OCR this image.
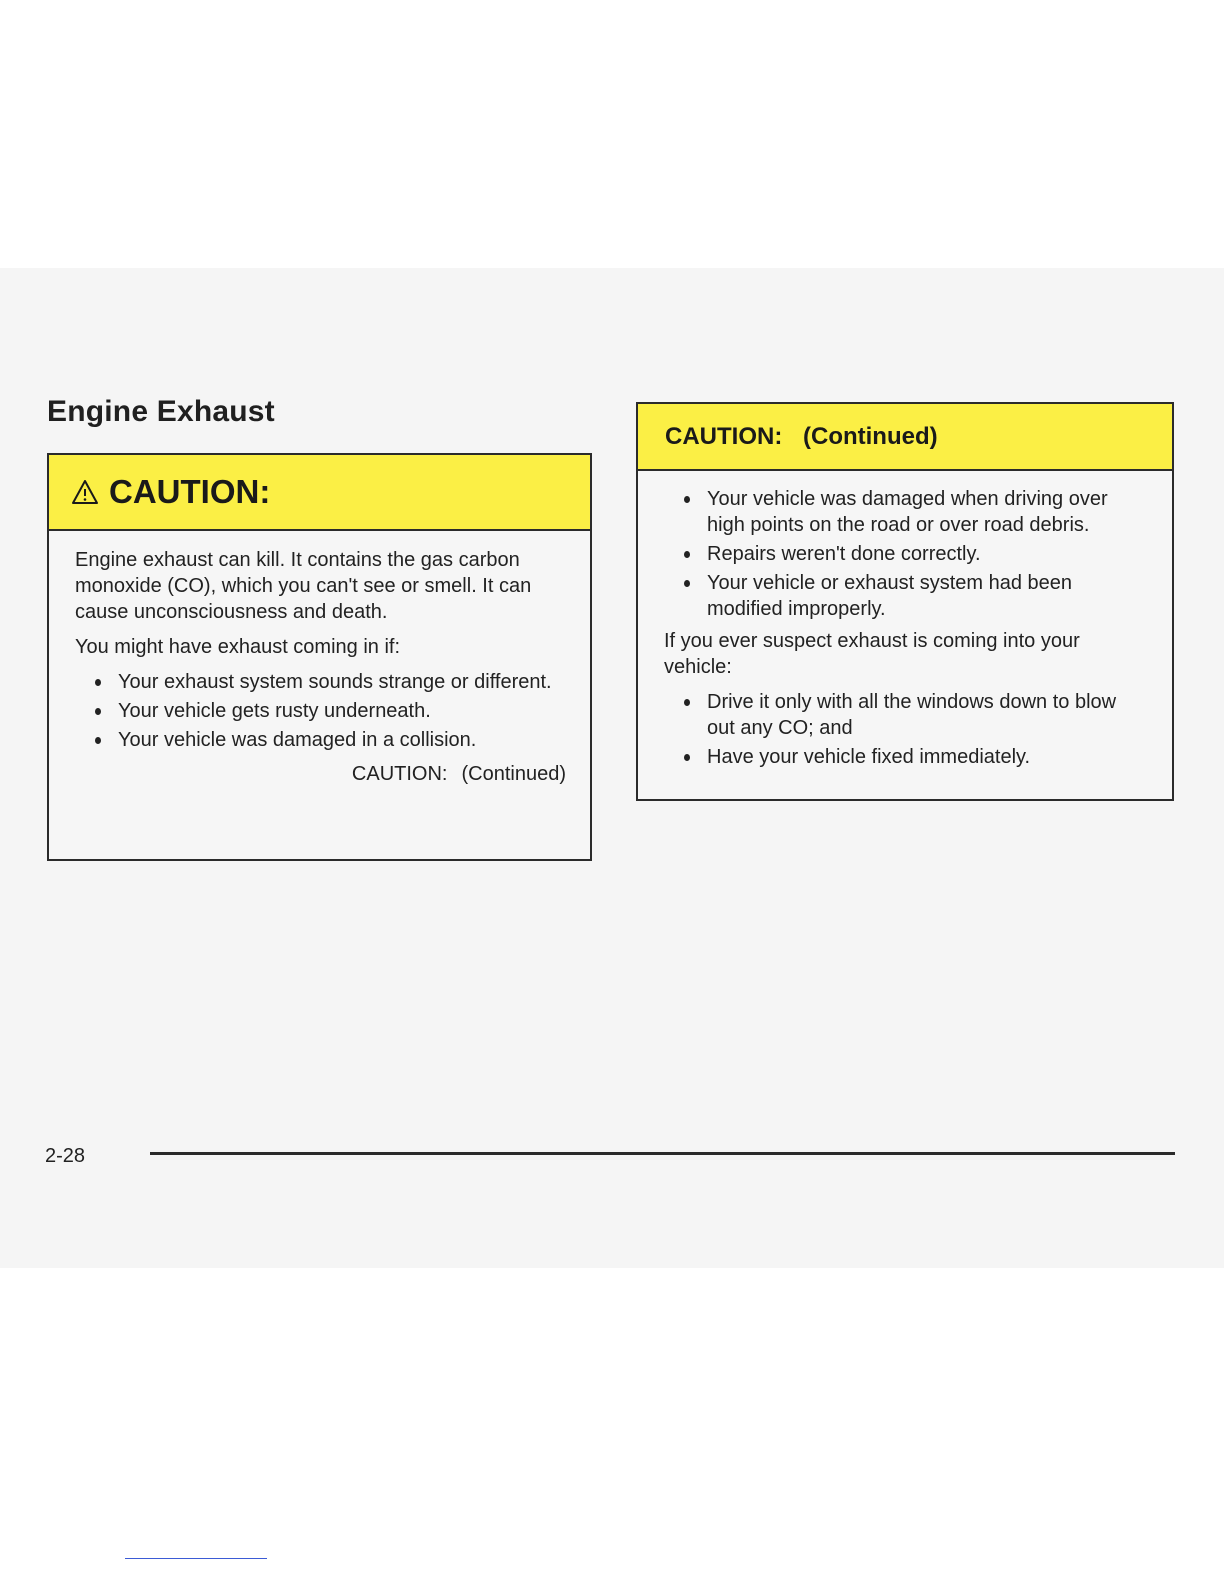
Engine Exhaust
CAUTION:

Engine exhaust can kill. It contains the gas carbon monoxide (CO), which you can't see or smell. It can cause unconsciousness and death.

You might have exhaust coming in if:

Your exhaust system sounds strange or different.
Your vehicle gets rusty underneath.
Your vehicle was damaged in a collision.
CAUTION: (Continued)
CAUTION: (Continued)
Your vehicle was damaged when driving over high points on the road or over road debris.
Repairs weren't done correctly.
Your vehicle or exhaust system had been modified improperly.

If you ever suspect exhaust is coming into your vehicle:

Drive it only with all the windows down to blow out any CO; and
Have your vehicle fixed immediately.
2-28
